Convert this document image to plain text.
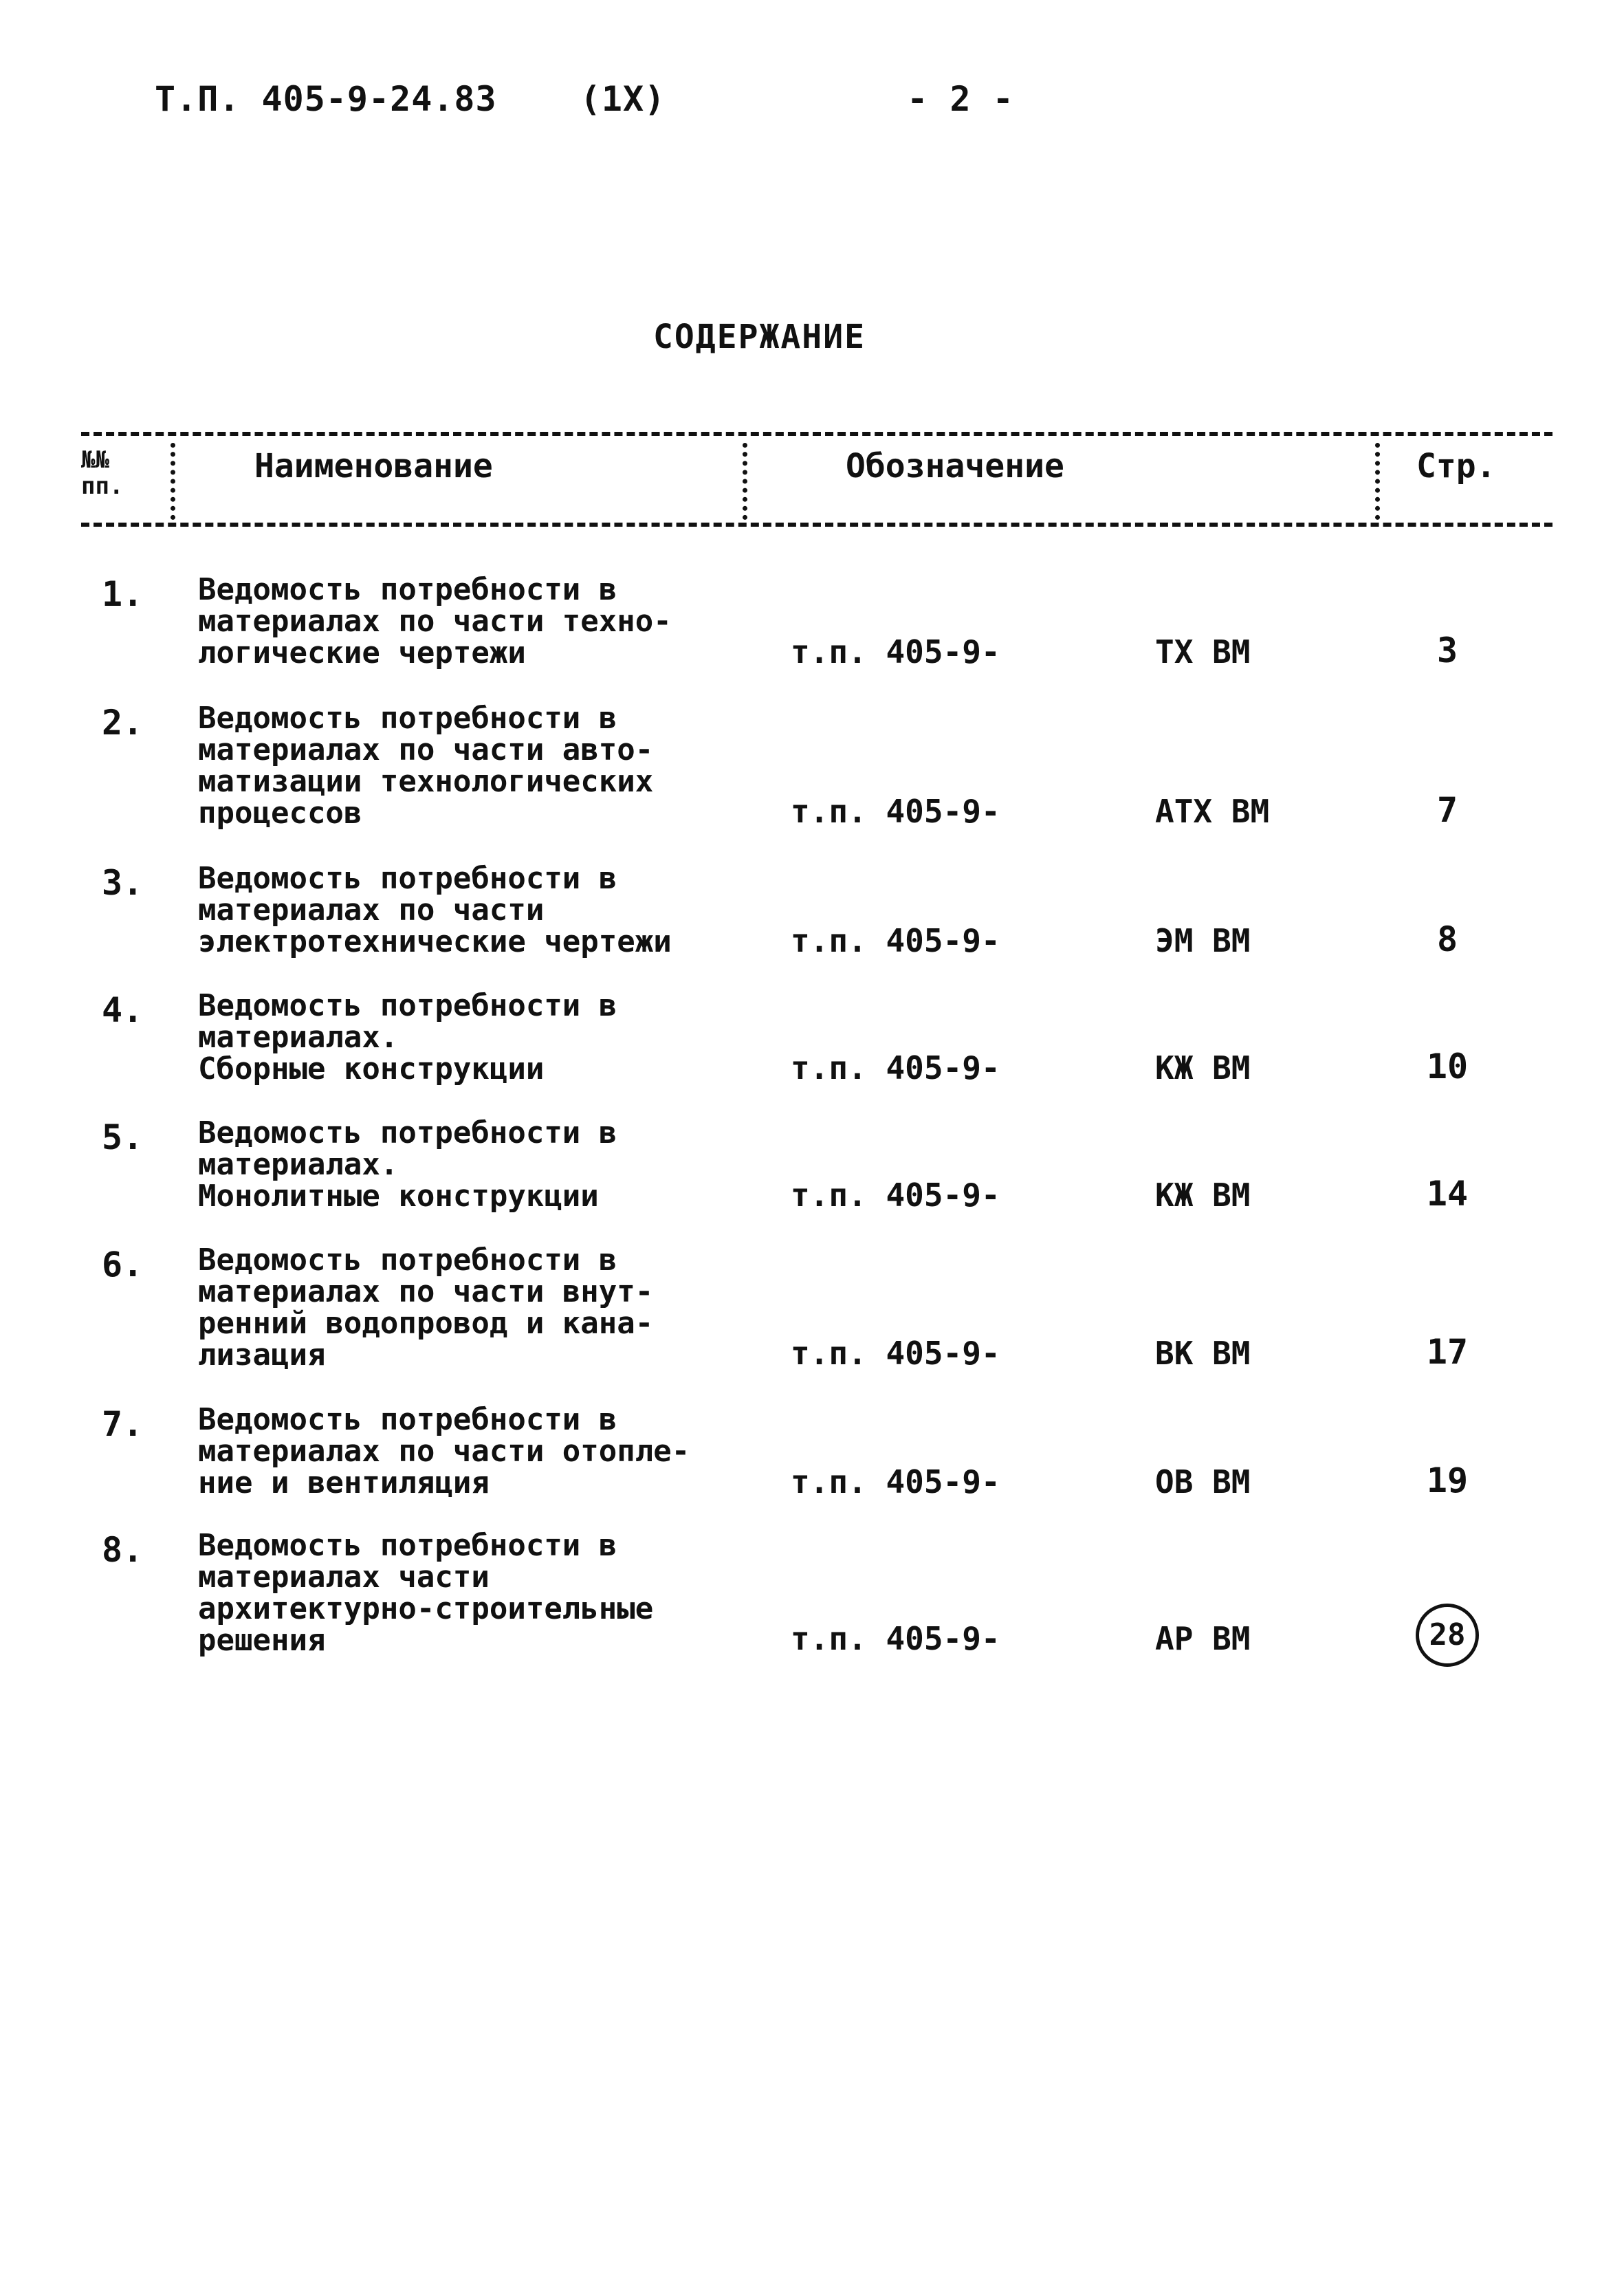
Т.П. 405-9-24.83 (1Х)	- 2 -
СОДЕРЖАНИЕ
№№
пп.
Наименование	Обозначение	Стр.
1. Ведомость потребности в
материалах по части техно-
логические чертежи	т.п. 405-9-	ТХ ВМ	3
2. Ведомость потребности в
материалах по части авто-
матизации технологических
процессов	т.п. 405-9-	АТХ ВМ	7
3. Ведомость потребности в
материалах по части
электротехнические чертежи	т.п. 405-9-	ЭМ ВМ	8
4. Ведомость потребности в
материалах.
Сборные конструкции	т.п. 405-9-	КЖ ВМ	10
5. Ведомость потребности в
материалах.
Монолитные конструкции	т.п. 405-9-	КЖ ВМ	14
6. Ведомость потребности в
материалах по части внут-
ренний водопровод и кана-
лизация	т.п. 405-9-	ВК ВМ	17
7. Ведомость потребности в
материалах по части отопле-
ние и вентиляция	т.п. 405-9-	ОВ ВМ	19
8. Ведомость потребности в
материалах части
архитектурно-строительные
решения	т.п. 405-9-	АР ВМ	28
